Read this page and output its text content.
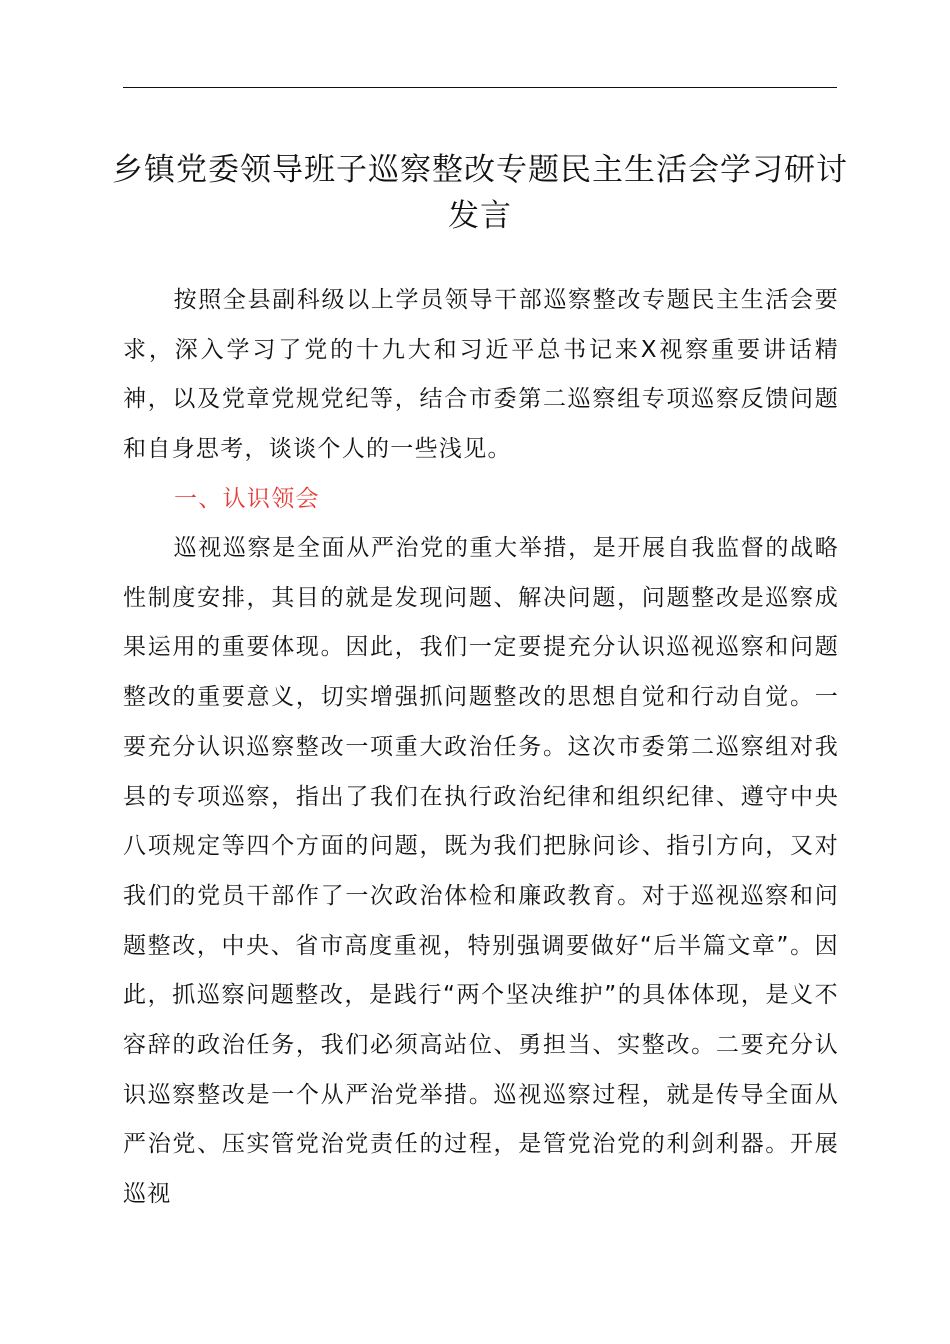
乡镇党委领导班子巡察整改专题民主生活会学习研讨发言

按照全县副科级以上学员领导干部巡察整改专题民主生活会要求，深入学习了党的十九大和习近平总书记来X视察重要讲话精神，以及党章党规党纪等，结合市委第二巡察组专项巡察反馈问题和自身思考，谈谈个人的一些浅见。

一、认识领会

巡视巡察是全面从严治党的重大举措，是开展自我监督的战略性制度安排，其目的就是发现问题、解决问题，问题整改是巡察成果运用的重要体现。因此，我们一定要提充分认识巡视巡察和问题整改的重要意义，切实增强抓问题整改的思想自觉和行动自觉。一要充分认识巡察整改一项重大政治任务。这次市委第二巡察组对我县的专项巡察，指出了我们在执行政治纪律和组织纪律、遵守中央八项规定等四个方面的问题，既为我们把脉问诊、指引方向，又对我们的党员干部作了一次政治体检和廉政教育。对于巡视巡察和问题整改，中央、省市高度重视，特别强调要做好“后半篇文章”。因此，抓巡察问题整改，是践行“两个坚决维护”的具体体现，是义不容辞的政治任务，我们必须高站位、勇担当、实整改。二要充分认识巡察整改是一个从严治党举措。巡视巡察过程，就是传导全面从严治党、压实管党治党责任的过程，是管党治党的利剑利器。开展巡视
